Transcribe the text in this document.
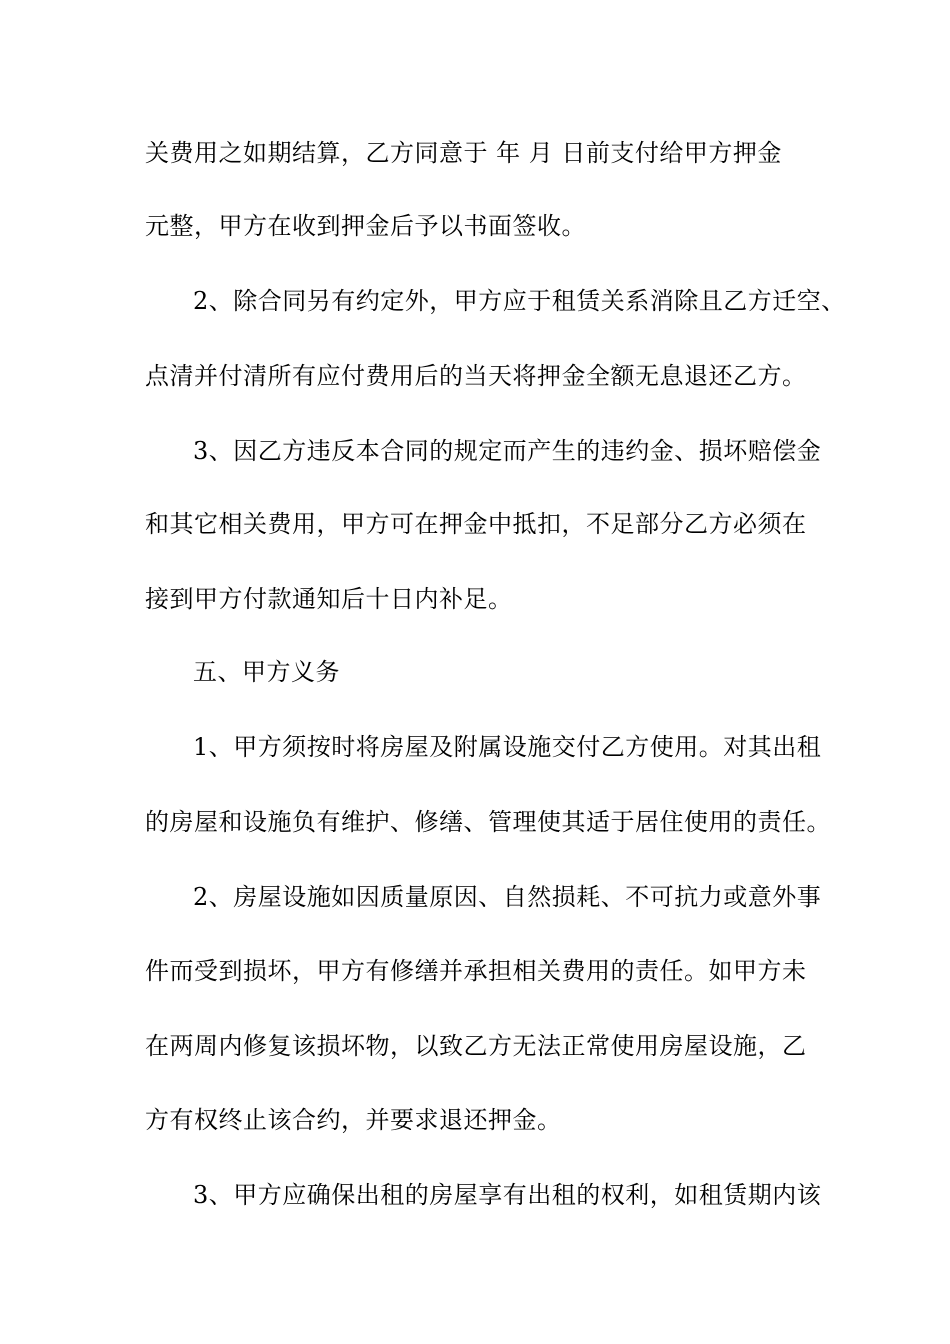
关费用之如期结算，乙方同意于 年 月 日前支付给甲方押金
元整，甲方在收到押金后予以书面签收。
2、除合同另有约定外，甲方应于租赁关系消除且乙方迁空、
点清并付清所有应付费用后的当天将押金全额无息退还乙方。
3、因乙方违反本合同的规定而产生的违约金、损坏赔偿金
和其它相关费用，甲方可在押金中抵扣，不足部分乙方必须在
接到甲方付款通知后十日内补足。
五、甲方义务
1、甲方须按时将房屋及附属设施交付乙方使用。对其出租
的房屋和设施负有维护、修缮、管理使其适于居住使用的责任。
2、房屋设施如因质量原因、自然损耗、不可抗力或意外事
件而受到损坏，甲方有修缮并承担相关费用的责任。如甲方未
在两周内修复该损坏物，以致乙方无法正常使用房屋设施，乙
方有权终止该合约，并要求退还押金。
3、甲方应确保出租的房屋享有出租的权利，如租赁期内该
